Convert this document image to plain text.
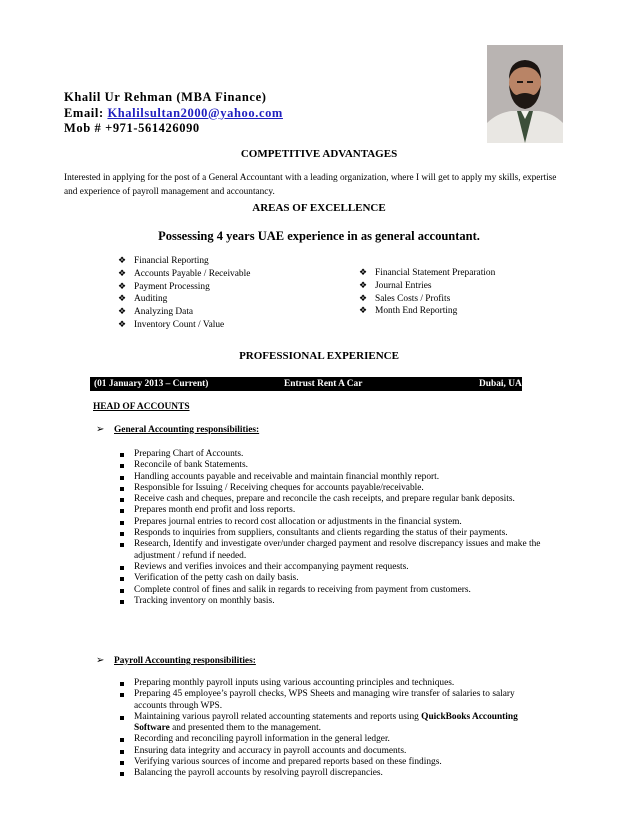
Khalil Ur Rehman (MBA Finance)
Email: Khalilsultan2000@yahoo.com
Mob # +971-561426090
COMPETITIVE ADVANTAGES
Interested in applying for the post of a General Accountant with a leading organization, where I will get to apply my skills, expertise and experience of payroll management and accountancy.
AREAS OF EXCELLENCE
Possessing 4 years UAE experience in as general accountant.
❖ Financial Reporting
❖ Accounts Payable / Receivable
❖ Payment Processing
❖ Auditing
❖ Analyzing Data
❖ Inventory Count / Value
❖ Financial Statement Preparation
❖ Journal Entries
❖ Sales Costs / Profits
❖ Month End Reporting
PROFESSIONAL EXPERIENCE
(01 January 2013 – Current)	Entrust Rent A Car	Dubai, UAE
HEAD OF ACCOUNTS
➢ General Accounting responsibilities:
Preparing Chart of Accounts.
Reconcile of bank Statements.
Handling accounts payable and receivable and maintain financial monthly report.
Responsible for Issuing / Receiving cheques for accounts payable/receivable.
Receive cash and cheques, prepare and reconcile the cash receipts, and prepare regular bank deposits.
Prepares month end profit and loss reports.
Prepares journal entries to record cost allocation or adjustments in the financial system.
Responds to inquiries from suppliers, consultants and clients regarding the status of their payments.
Research, Identify and investigate over/under charged payment and resolve discrepancy issues and make the adjustment / refund if needed.
Reviews and verifies invoices and their accompanying payment requests.
Verification of the petty cash on daily basis.
Complete control of fines and salik in regards to receiving from payment from customers.
Tracking inventory on monthly basis.
➢ Payroll Accounting responsibilities:
Preparing monthly payroll inputs using various accounting principles and techniques.
Preparing 45 employee’s payroll checks, WPS Sheets and managing wire transfer of salaries to salary accounts through WPS.
Maintaining various payroll related accounting statements and reports using QuickBooks Accounting Software and presented them to the management.
Recording and reconciling payroll information in the general ledger.
Ensuring data integrity and accuracy in payroll accounts and documents.
Verifying various sources of income and prepared reports based on these findings.
Balancing the payroll accounts by resolving payroll discrepancies.
